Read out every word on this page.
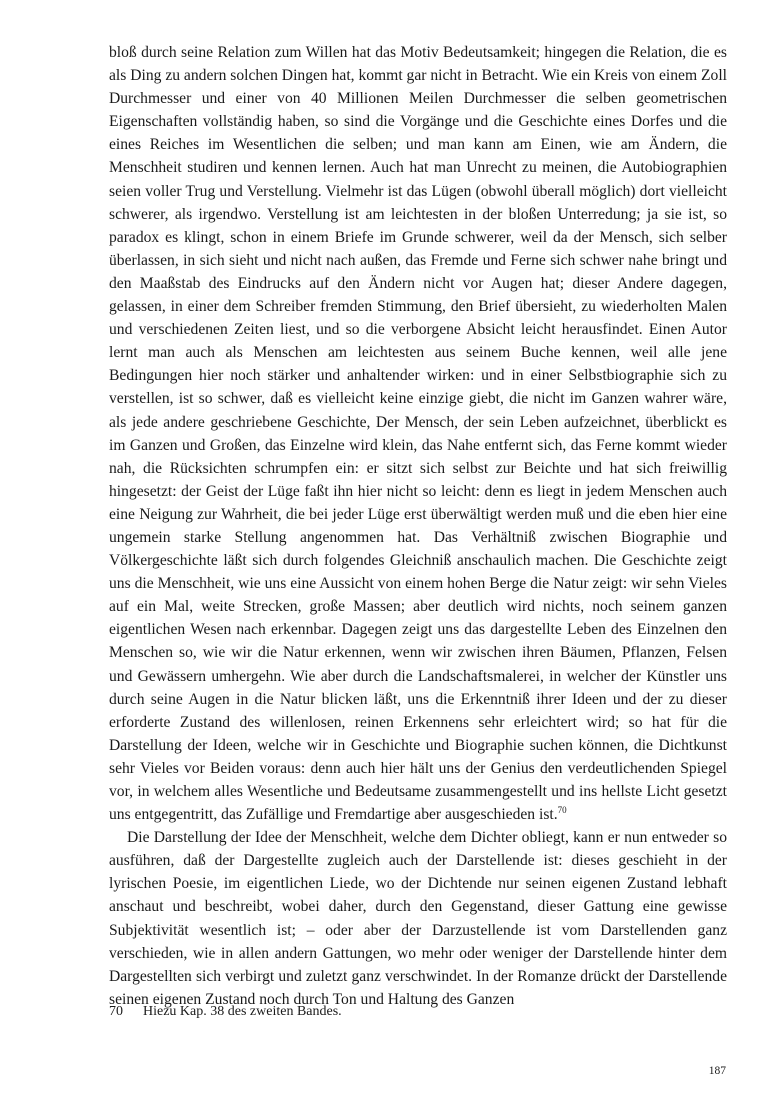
bloß durch seine Relation zum Willen hat das Motiv Bedeutsamkeit; hingegen die Relation, die es als Ding zu andern solchen Dingen hat, kommt gar nicht in Betracht. Wie ein Kreis von einem Zoll Durchmesser und einer von 40 Millionen Meilen Durchmesser die selben geometrischen Eigenschaften vollständig haben, so sind die Vorgänge und die Geschichte eines Dorfes und die eines Reiches im Wesentlichen die selben; und man kann am Einen, wie am Ändern, die Menschheit studiren und kennen lernen. Auch hat man Unrecht zu meinen, die Autobiographien seien voller Trug und Verstellung. Vielmehr ist das Lügen (obwohl überall möglich) dort vielleicht schwerer, als irgendwo. Verstellung ist am leichtesten in der bloßen Unterredung; ja sie ist, so paradox es klingt, schon in einem Briefe im Grunde schwerer, weil da der Mensch, sich selber überlassen, in sich sieht und nicht nach außen, das Fremde und Ferne sich schwer nahe bringt und den Maaßstab des Eindrucks auf den Ändern nicht vor Augen hat; dieser Andere dagegen, gelassen, in einer dem Schreiber fremden Stimmung, den Brief übersieht, zu wiederholten Malen und verschiedenen Zeiten liest, und so die verborgene Absicht leicht herausfindet. Einen Autor lernt man auch als Menschen am leichtesten aus seinem Buche kennen, weil alle jene Bedingungen hier noch stärker und anhaltender wirken: und in einer Selbstbiographie sich zu verstellen, ist so schwer, daß es vielleicht keine einzige giebt, die nicht im Ganzen wahrer wäre, als jede andere geschriebene Geschichte, Der Mensch, der sein Leben aufzeichnet, überblickt es im Ganzen und Großen, das Einzelne wird klein, das Nahe entfernt sich, das Ferne kommt wieder nah, die Rücksichten schrumpfen ein: er sitzt sich selbst zur Beichte und hat sich freiwillig hingesetzt: der Geist der Lüge faßt ihn hier nicht so leicht: denn es liegt in jedem Menschen auch eine Neigung zur Wahrheit, die bei jeder Lüge erst überwältigt werden muß und die eben hier eine ungemein starke Stellung angenommen hat. Das Verhältniß zwischen Biographie und Völkergeschichte läßt sich durch folgendes Gleichniß anschaulich machen. Die Geschichte zeigt uns die Menschheit, wie uns eine Aussicht von einem hohen Berge die Natur zeigt: wir sehn Vieles auf ein Mal, weite Strecken, große Massen; aber deutlich wird nichts, noch seinem ganzen eigentlichen Wesen nach erkennbar. Dagegen zeigt uns das dargestellte Leben des Einzelnen den Menschen so, wie wir die Natur erkennen, wenn wir zwischen ihren Bäumen, Pflanzen, Felsen und Gewässern umhergehn. Wie aber durch die Landschaftsmalerei, in welcher der Künstler uns durch seine Augen in die Natur blicken läßt, uns die Erkenntniß ihrer Ideen und der zu dieser erforderte Zustand des willenlosen, reinen Erkennens sehr erleichtert wird; so hat für die Darstellung der Ideen, welche wir in Geschichte und Biographie suchen können, die Dichtkunst sehr Vieles vor Beiden voraus: denn auch hier hält uns der Genius den verdeutlichenden Spiegel vor, in welchem alles Wesentliche und Bedeutsame zusammengestellt und ins hellste Licht gesetzt uns entgegentritt, das Zufällige und Fremdartige aber ausgeschieden ist.$^{70}$

Die Darstellung der Idee der Menschheit, welche dem Dichter obliegt, kann er nun entweder so ausführen, daß der Dargestellte zugleich auch der Darstellende ist: dieses geschieht in der lyrischen Poesie, im eigentlichen Liede, wo der Dichtende nur seinen eigenen Zustand lebhaft anschaut und beschreibt, wobei daher, durch den Gegenstand, dieser Gattung eine gewisse Subjektivität wesentlich ist; – oder aber der Darzustellende ist vom Darstellenden ganz verschieden, wie in allen andern Gattungen, wo mehr oder weniger der Darstellende hinter dem Dargestellten sich verbirgt und zuletzt ganz verschwindet. In der Romanze drückt der Darstellende seinen eigenen Zustand noch durch Ton und Haltung des Ganzen

70 Hiezu Kap. 38 des zweiten Bandes.
187
